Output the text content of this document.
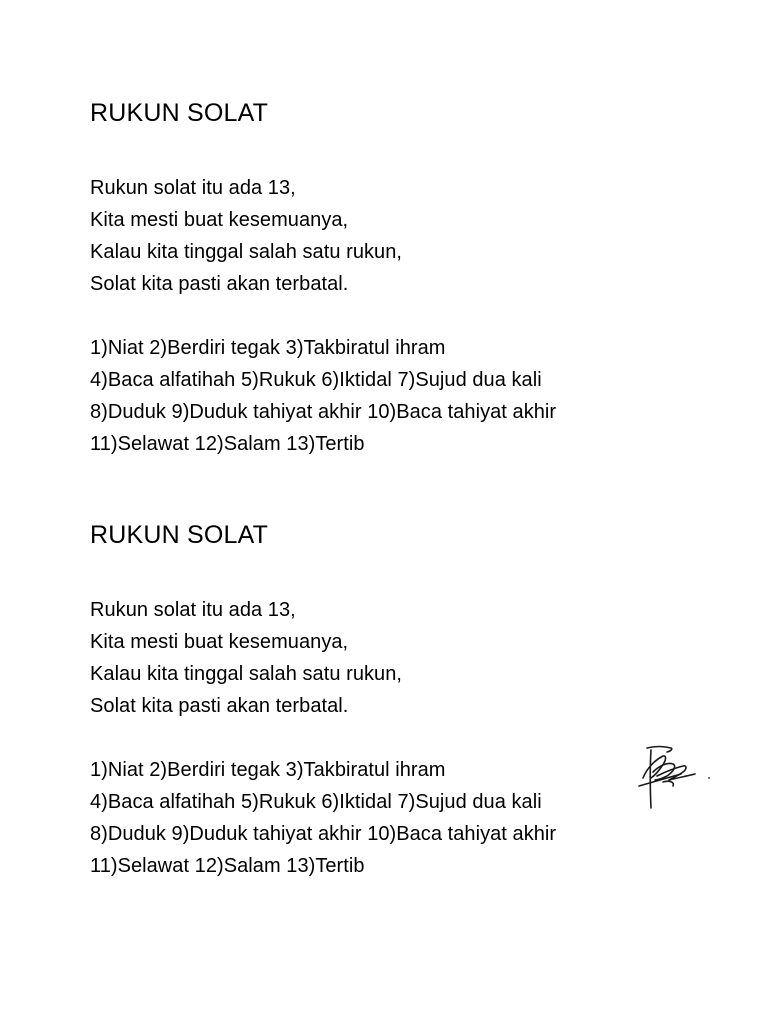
RUKUN SOLAT
Rukun solat itu ada 13,
Kita mesti buat kesemuanya,
Kalau kita tinggal salah satu rukun,
Solat kita pasti akan terbatal.
1)Niat 2)Berdiri tegak 3)Takbiratul ihram
4)Baca alfatihah 5)Rukuk 6)Iktidal 7)Sujud dua kali
8)Duduk 9)Duduk tahiyat akhir 10)Baca tahiyat akhir
11)Selawat 12)Salam 13)Tertib
RUKUN SOLAT
Rukun solat itu ada 13,
Kita mesti buat kesemuanya,
Kalau kita tinggal salah satu rukun,
Solat kita pasti akan terbatal.
1)Niat 2)Berdiri tegak 3)Takbiratul ihram
4)Baca alfatihah 5)Rukuk 6)Iktidal 7)Sujud dua kali
8)Duduk 9)Duduk tahiyat akhir 10)Baca tahiyat akhir
11)Selawat 12)Salam 13)Tertib
